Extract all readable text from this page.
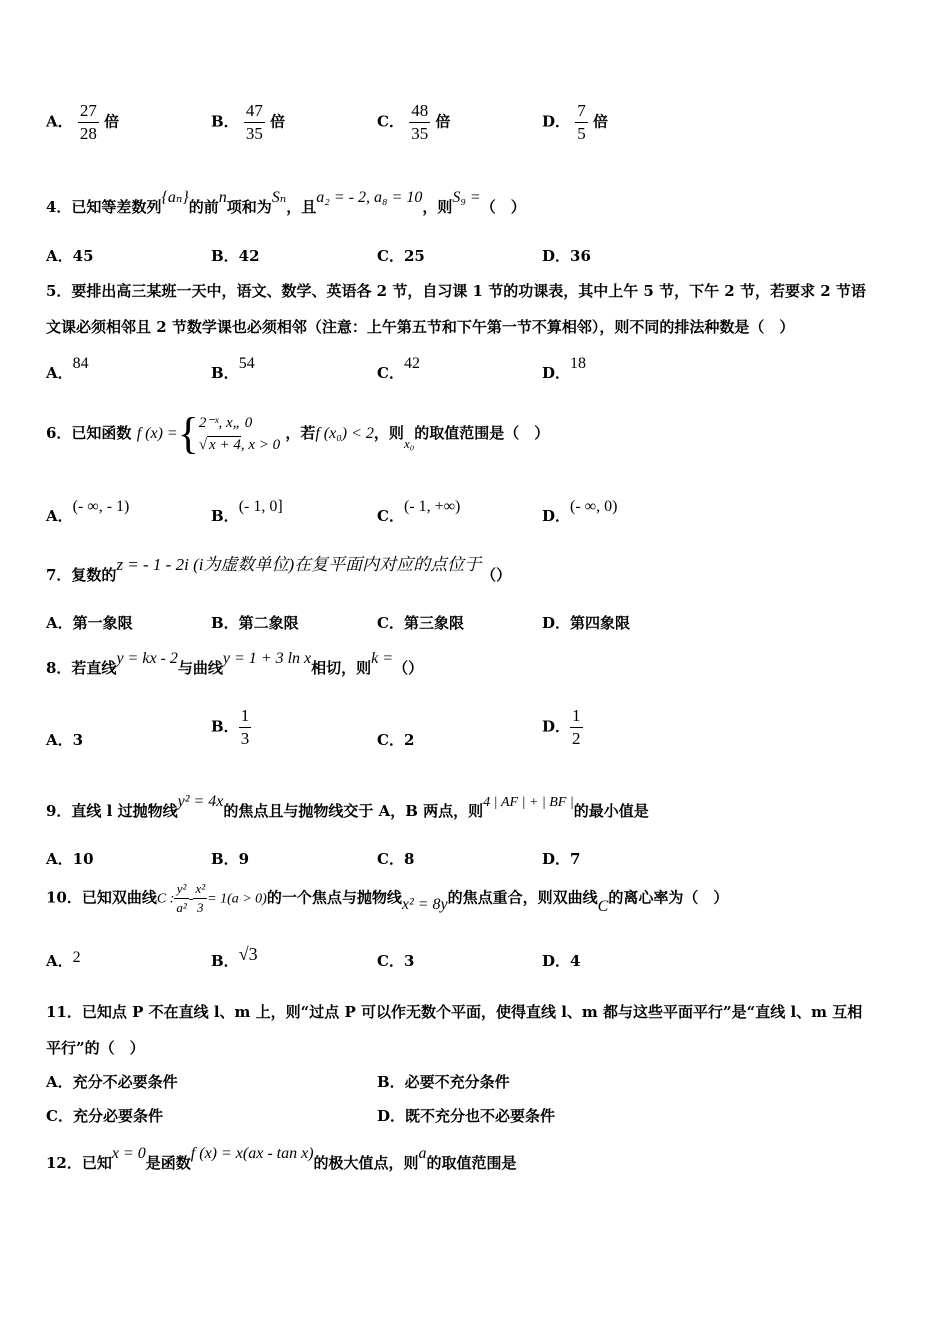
A． $\frac{27}{28}$ 倍	B． $\frac{47}{35}$ 倍	C． $\frac{48}{35}$ 倍	D． $\frac{7}{5}$ 倍
4．已知等差数列{aₙ}的前n项和为Sₙ，且a₂ = - 2, a₈ = 10，则S₉ =（　）
A．45	B．42	C．25	D．36
5．要排出高三某班一天中，语文、数学、英语各 2 节，自习课 1 节的功课表，其中上午 5 节，下午 2 节，若要求 2 节语
文课必须相邻且 2 节数学课也必须相邻（注意：上午第五节和下午第一节不算相邻），则不同的排法种数是（　）
A．84
B．54
C．42
D．18
6．已知函数 f (x) ={ 2⁻ˣ, x„ 0
√ x + 4, x > 0
，若f (x₀) < 2，则x₀的取值范围是（　）
A．(- ∞, - 1)
B．(- 1, 0]
C．(- 1, +∞)
D．(- ∞, 0)
7．复数的z = - 1 - 2i (i为虚数单位)在复平面内对应的点位于（）
A．第一象限	B．第二象限	C．第三象限	D．第四象限
8．若直线y = kx - 2与曲线y = 1 + 3 ln x相切，则k =（）
A．3
B． $\frac{1}{3}$	C．2
D． $\frac{1}{2}$
9．直线 l 过抛物线y² = 4x的焦点且与抛物线交于 A，B 两点，则4 | AF | + | BF |的最小值是
A．10	B．9	C．8	D．7
10．已知双曲线C : $\frac{\text{y²}}{\text{a²}} - \frac{\text{x²}}{3} = 1(a > 0)$的一个焦点与抛物线x² = 8y的焦点重合，则双曲线C的离心率为（　）
A．2	B．√3	C．3	D．4
11．已知点 P 不在直线 l、m 上，则“过点 P 可以作无数个平面，使得直线 l、m 都与这些平面平行”是“直线 l、m 互相
平行”的（　）
A．充分不必要条件	B．必要不充分条件
C．充分必要条件	D．既不充分也不必要条件
12．已知x = 0是函数f (x) = x(ax - tan x)的极大值点，则a的取值范围是
